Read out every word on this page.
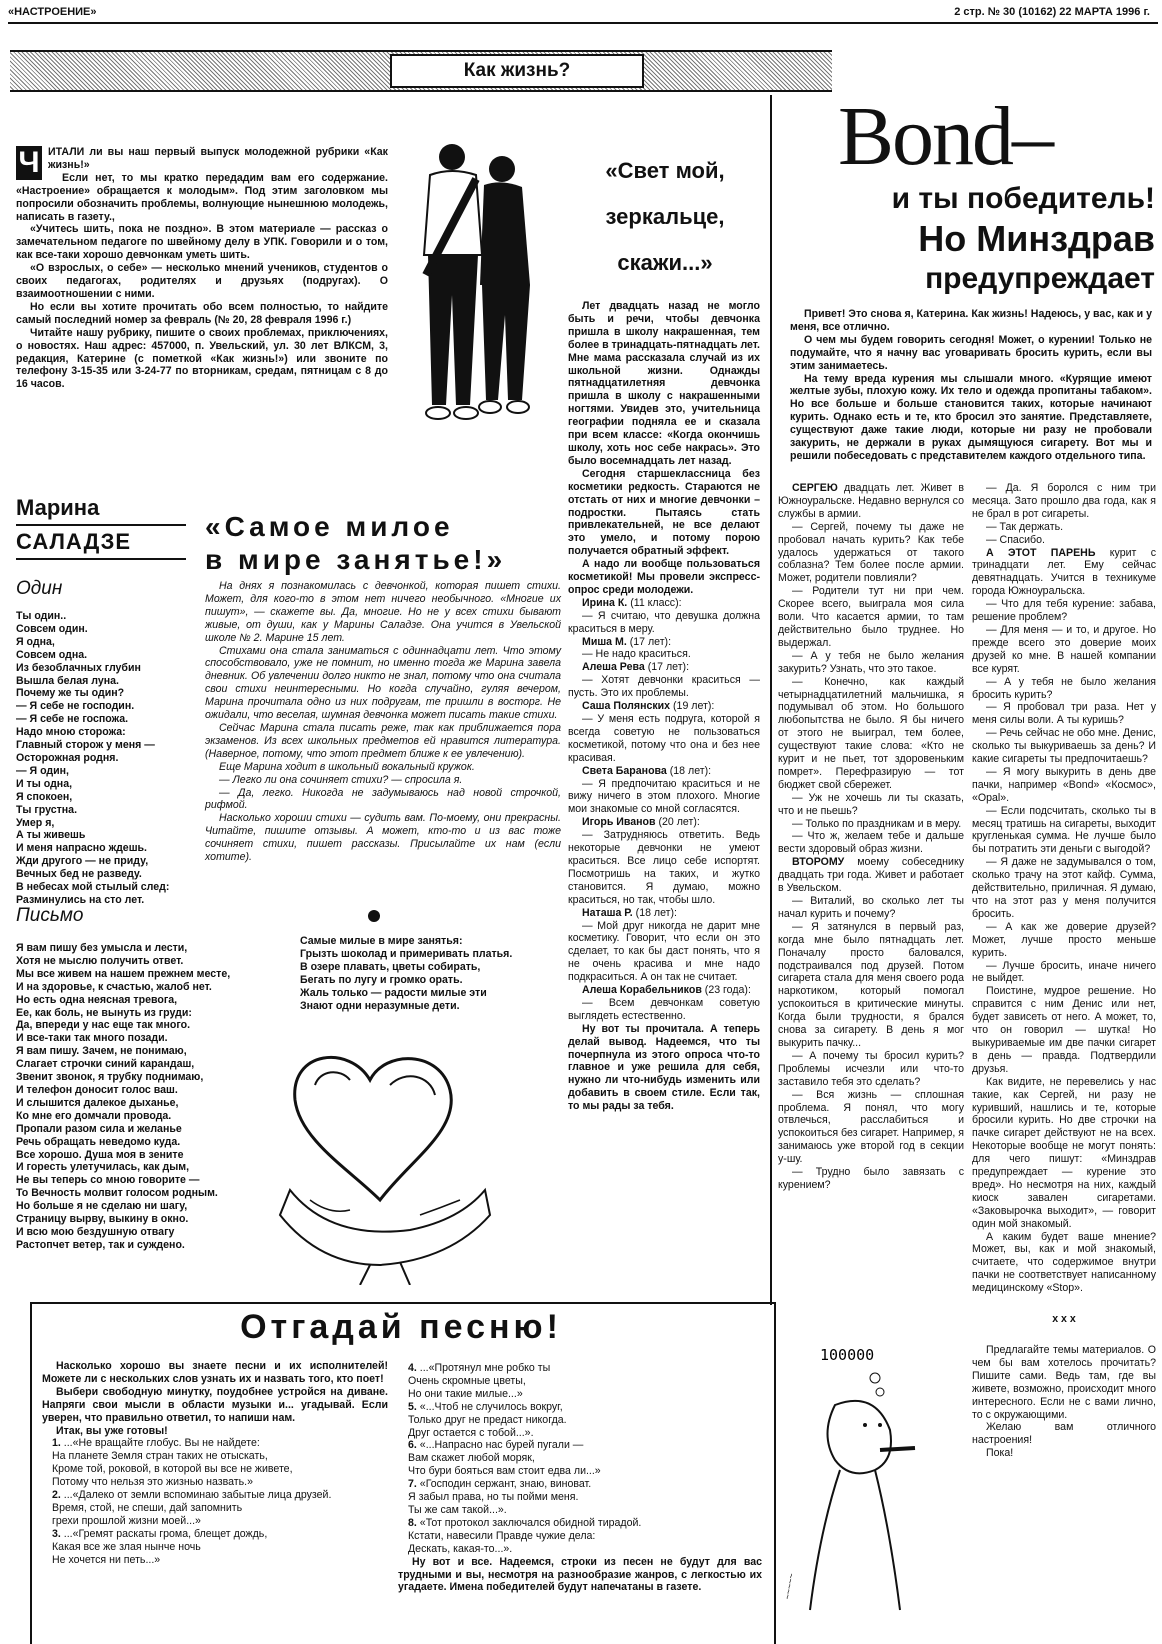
«НАСТРОЕНИЕ»	2 стр. № 30 (10162) 22 МАРТА 1996 г.
Как жизнь?
Ч ИТАЛИ ли вы наш первый выпуск молодежной рубрики «Как жизнь!»

Если нет, то мы кратко передадим вам его содержание. «Настроение» обращается к молодым». Под этим заголовком мы попросили обозначить проблемы, волнующие нынешнюю молодежь, написать в газету.,

«Учитесь шить, пока не поздно». В этом материале — рассказ о замечательном педагоге по швейному делу в УПК. Говорили и о том, как все-таки хорошо девчонкам уметь шить.

«О взрослых, о себе» — несколько мнений учеников, студентов о своих педагогах, родителях и друзьях (подругах). О взаимоотношении с ними.

Но если вы хотите прочитать обо всем полностью, то найдите самый последний номер за февраль (№ 20, 28 февраля 1996 г.)

Читайте нашу рубрику, пишите о своих проблемах, приключениях, о новостях. Наш адрес: 457000, п. Увельский, ул. 30 лет ВЛКСМ, 3, редакция, Катерине (с пометкой «Как жизнь!») или звоните по телефону 3-15-35 или 3-24-77 по вторникам, средам, пятницам с 8 до 16 часов.

«Свет мой,
зеркальце,
скажи...»

Лет двадцать назад не могло быть и речи, чтобы девчонка пришла в школу накрашенная, тем более в тринадцать-пятнадцать лет. Мне мама рассказала случай из их школьной жизни. Однажды пятнадцатилетняя девчонка пришла в школу с накрашенными ногтями. Увидев это, учительница географии подняла ее и сказала при всем классе: «Когда окончишь школу, хоть нос себе накрась». Это было восемнадцать лет назад.

Сегодня старшеклассница без косметики редкость. Стараются не отстать от них и многие девчонки – подростки. Пытаясь стать привлекательней, не все делают это умело, и потому порою получается обратный эффект.

А надо ли вообще пользоваться косметикой! Мы провели экспресс-опрос среди молодежи.

Ирина К. (11 класс):

— Я считаю, что девушка должна краситься в меру.

Миша М. (17 лет):

— Не надо краситься.

Алеша Рева (17 лет):

— Хотят девчонки краситься — пусть. Это их проблемы.

Саша Полянских (19 лет):

— У меня есть подруга, которой я всегда советую не пользоваться косметикой, потому что она и без нее красивая.

Света Баранова (18 лет):

— Я предпочитаю краситься и не вижу ничего в этом плохого. Многие мои знакомые со мной согласятся.

Игорь Иванов (20 лет):

— Затрудняюсь ответить. Ведь некоторые девчонки не умеют краситься. Все лицо себе испортят. Посмотришь на таких, и жутко становится. Я думаю, можно краситься, но так, чтобы шло.

Наташа Р. (18 лет):

— Мой друг никогда не дарит мне косметику. Говорит, что если он это сделает, то как бы даст понять, что я не очень красива и мне надо подкраситься. А он так не считает.

Алеша Корабельников (23 года):

— Всем девчонкам советую выглядеть естественно.

Ну вот ты прочитала. А теперь делай вывод. Надеемся, что ты почерпнула из этого опроса что-то главное и уже решила для себя, нужно ли что-нибудь изменить или добавить в своем стиле. Если так, то мы рады за тебя.

Bond–
и ты победитель!
Но Минздрав
предупреждает

Привет! Это снова я, Катерина. Как жизнь! Надеюсь, у вас, как и у меня, все отлично.

О чем мы будем говорить сегодня! Может, о курении! Только не подумайте, что я начну вас уговаривать бросить курить, если вы этим занимаетесь.

На тему вреда курения мы слышали много. «Курящие имеют желтые зубы, плохую кожу. Их тело и одежда пропитаны табаком». Но все больше и больше становится таких, которые начинают курить. Однако есть и те, кто бросил это занятие. Представляете, существуют даже такие люди, которые ни разу не пробовали закурить, не держали в руках дымящуюся сигарету. Вот мы и решили побеседовать с представителем каждого отдельного типа.

СЕРГЕЮ двадцать лет. Живет в Южноуральске. Недавно вернулся со службы в армии.

— Сергей, почему ты даже не пробовал начать курить? Как тебе удалось удержаться от такого соблазна? Тем более после армии. Может, родители повлияли?

— Родители тут ни при чем. Скорее всего, выиграла моя сила воли. Что касается армии, то там действительно было труднее. Но выдержал.

— А у тебя не было желания закурить? Узнать, что это такое.

— Конечно, как каждый четырнадцатилетний мальчишка, я подумывал об этом. Но большого любопытства не было. Я бы ничего от этого не выиграл, тем более, существуют такие слова: «Кто не курит и не пьет, тот здоровеньким помрет». Перефразирую — тот бюджет свой сбережет.

— Уж не хочешь ли ты сказать, что и не пьешь?

— Только по праздникам и в меру.

— Что ж, желаем тебе и дальше вести здоровый образ жизни.

ВТОРОМУ моему собеседнику двадцать три года. Живет и работает в Увельском.

— Виталий, во сколько лет ты начал курить и почему?

— Я затянулся в первый раз, когда мне было пятнадцать лет. Поначалу просто баловался, подстраивался под друзей. Потом сигарета стала для меня своего рода наркотиком, который помогал успокоиться в критические минуты. Когда были трудности, я брался снова за сигарету. В день я мог выкурить пачку...

— А почему ты бросил курить? Проблемы исчезли или что-то заставило тебя это сделать?

— Вся жизнь — сплошная проблема. Я понял, что могу отвлечься, расслабиться и успокоиться без сигарет. Например, я занимаюсь уже второй год в секции у-шу.

— Трудно было завязать с курением?

— Да. Я боролся с ним три месяца. Зато прошло два года, как я не брал в рот сигареты.

— Так держать.

— Спасибо.

А ЭТОТ ПАРЕНЬ курит с тринадцати лет. Ему сейчас девятнадцать. Учится в техникуме города Южноуральска.

— Что для тебя курение: забава, решение проблем?

— Для меня — и то, и другое. Но прежде всего это доверие моих друзей ко мне. В нашей компании все курят.

— А у тебя не было желания бросить курить?

— Я пробовал три раза. Нет у меня силы воли. А ты куришь?

— Речь сейчас не обо мне. Денис, сколько ты выкуриваешь за день? И какие сигареты ты предпочитаешь?

— Я могу выкурить в день две пачки, например «Bond» «Космос», «Opal».

— Если подсчитать, сколько ты в месяц тратишь на сигареты, выходит кругленькая сумма. Не лучше было бы потратить эти деньги с выгодой?

— Я даже не задумывался о том, сколько трачу на этот кайф. Сумма, действительно, приличная. Я думаю, что на этот раз у меня получится бросить.

— А как же доверие друзей? Может, лучше просто меньше курить.

— Лучше бросить, иначе ничего не выйдет.

Поистине, мудрое решение. Но справится с ним Денис или нет, будет зависеть от него. А может, то, что он говорил — шутка! Но выкуриваемые им две пачки сигарет в день — правда. Подтвердили друзья.

Как видите, не перевелись у нас такие, как Сергей, ни разу не куривший, нашлись и те, которые бросили курить. Но две строчки на пачке сигарет действуют не на всех. Некоторые вообще не могут понять: для чего пишут: «Минздрав предупреждает — курение это вред». Но несмотря на них, каждый киоск завален сигаретами. «Заковырочка выходит», — говорит один мой знакомый.

А каким будет ваше мнение? Может, вы, как и мой знакомый, считаете, что содержимое внутри пачки не соответствует написанному медицинскому «Stop».

x x x

Предлагайте темы материалов. О чем бы вам хотелось прочитать? Пишите сами. Ведь там, где вы живете, возможно, происходит много интересного. Если не с вами лично, то с окружающими.

Желаю вам отличного настроения!

Пока!

Марина
САЛАДЗЕ
Один

Ты один..

Совсем один.

Я одна,

Совсем одна.

Из безоблачных глубин

Вышла белая луна.

Почему же ты один?

— Я себе не господин.

— Я себе не госпожа.

Надо мною сторожа:

Главный сторож у меня —

Осторожная родня.

— Я один,

И ты одна,

Я спокоен,

Ты грустна.

Умер я,

А ты живешь

И меня напрасно ждешь.

Жди другого — не приду,

Вечных бед не разведу.

В небесах мой стылый след:

Разминулись на сто лет.

Письмо

Я вам пишу без умысла и лести,

Хотя не мыслю получить ответ.

Мы все живем на нашем прежнем месте,

И на здоровье, к счастью, жалоб нет.

Но есть одна неясная тревога,

Ее, как боль, не вынуть из груди:

Да, впереди у нас еще так много.

И все-таки так много позади.

Я вам пишу. Зачем, не понимаю,

Слагает строчки синий карандаш,

Звенит звонок, я трубку поднимаю,

И телефон доносит голос ваш.

И слышится далекое дыханье,

Ко мне его домчали провода.

Пропали разом сила и желанье

Речь обращать неведомо куда.

Все хорошо. Душа моя в зените

И горесть улетучилась, как дым,

Не вы теперь со мною говорите —

То Вечность молвит голосом родным.

Но больше я не сделаю ни шагу,

Страницу вырву, выкину в окно.

И всю мою бездушную отвагу

Растопчет ветер, так и суждено.

«Самое милое
в мире занятье!»

На днях я познакомилась с девчонкой, которая пишет стихи. Может, для кого-то в этом нет ничего необычного. «Многие их пишут», — скажете вы. Да, многие. Но не у всех стихи бывают живые, от души, как у Марины Саладзе. Она учится в Увельской школе № 2. Марине 15 лет.

Стихами она стала заниматься с одиннадцати лет. Что этому способствовало, уже не помнит, но именно тогда же Марина завела дневник. Об увлечении долго никто не знал, потому что она считала свои стихи неинтересными. Но когда случайно, гуляя вечером, Марина прочитала одно из них подругам, те пришли в восторг. Не ожидали, что веселая, шумная девчонка может писать такие стихи.

Сейчас Марина стала писать реже, так как приближается пора экзаменов. Из всех школьных предметов ей нравится литература. (Наверное, потому, что этот предмет ближе к ее увлечению).

Еще Марина ходит в школьный вокальный кружок.

— Легко ли она сочиняет стихи? — спросила я.

— Да, легко. Никогда не задумываюсь над новой строчкой, рифмой.

Насколько хороши стихи — судить вам. По-моему, они прекрасны. Читайте, пишите отзывы. А может, кто-то и из вас тоже сочиняет стихи, пишет рассказы. Присылайте их нам (если хотите).

Самые милые в мире занятья:

Грызть шоколад и примеривать платья.

В озере плавать, цветы собирать,

Бегать по лугу и громко орать.

Жаль только — радости милые эти

Знают одни неразумные дети.

Отгадай песню!

Насколько хорошо вы знаете песни и их исполнителей! Можете ли с нескольких слов узнать их и назвать того, кто поет!

Выбери свободную минутку, поудобнее устройся на диване. Напряги свои мысли в области музыки и... угадывай. Если уверен, что правильно ответил, то напиши нам.

Итак, вы уже готовы!

1. ...«Не вращайте глобус. Вы не найдете:

На планете Земля стран таких не отыскать,

Кроме той, роковой, в которой вы все не живете,

Потому что нельзя это жизнью назвать.»

2. ...«Далеко от земли вспоминаю забытые лица друзей.

Время, стой, не спеши, дай запомнить

грехи прошлой жизни моей...»

3. ...«Гремят раскаты грома, блещет дождь,

Какая все же злая нынче ночь

Не хочется ни петь...»

4. ...«Протянул мне робко ты

Очень скромные цветы,

Но они такие милые...»

5. «...Чтоб не случилось вокруг,

Только друг не предаст никогда.

Друг остается с тобой...».

6. «...Напрасно нас бурей пугали —

Вам скажет любой моряк,

Что бури бояться вам стоит едва ли...»

7. «Господин сержант, знаю, виноват.

Я забыл права, но ты пойми меня.

Ты же сам такой...».

8. «Тот протокол заключался обидной тирадой.

Кстати, навесили Правде чужие дела:

Дескать, какая-то...».

Ну вот и все. Надеемся, строки из песен не будут для вас трудными и вы, несмотря на разнообразие жанров, с легкостью их угадаете. Имена победителей будут напечатаны в газете.

100000
~~~~~
